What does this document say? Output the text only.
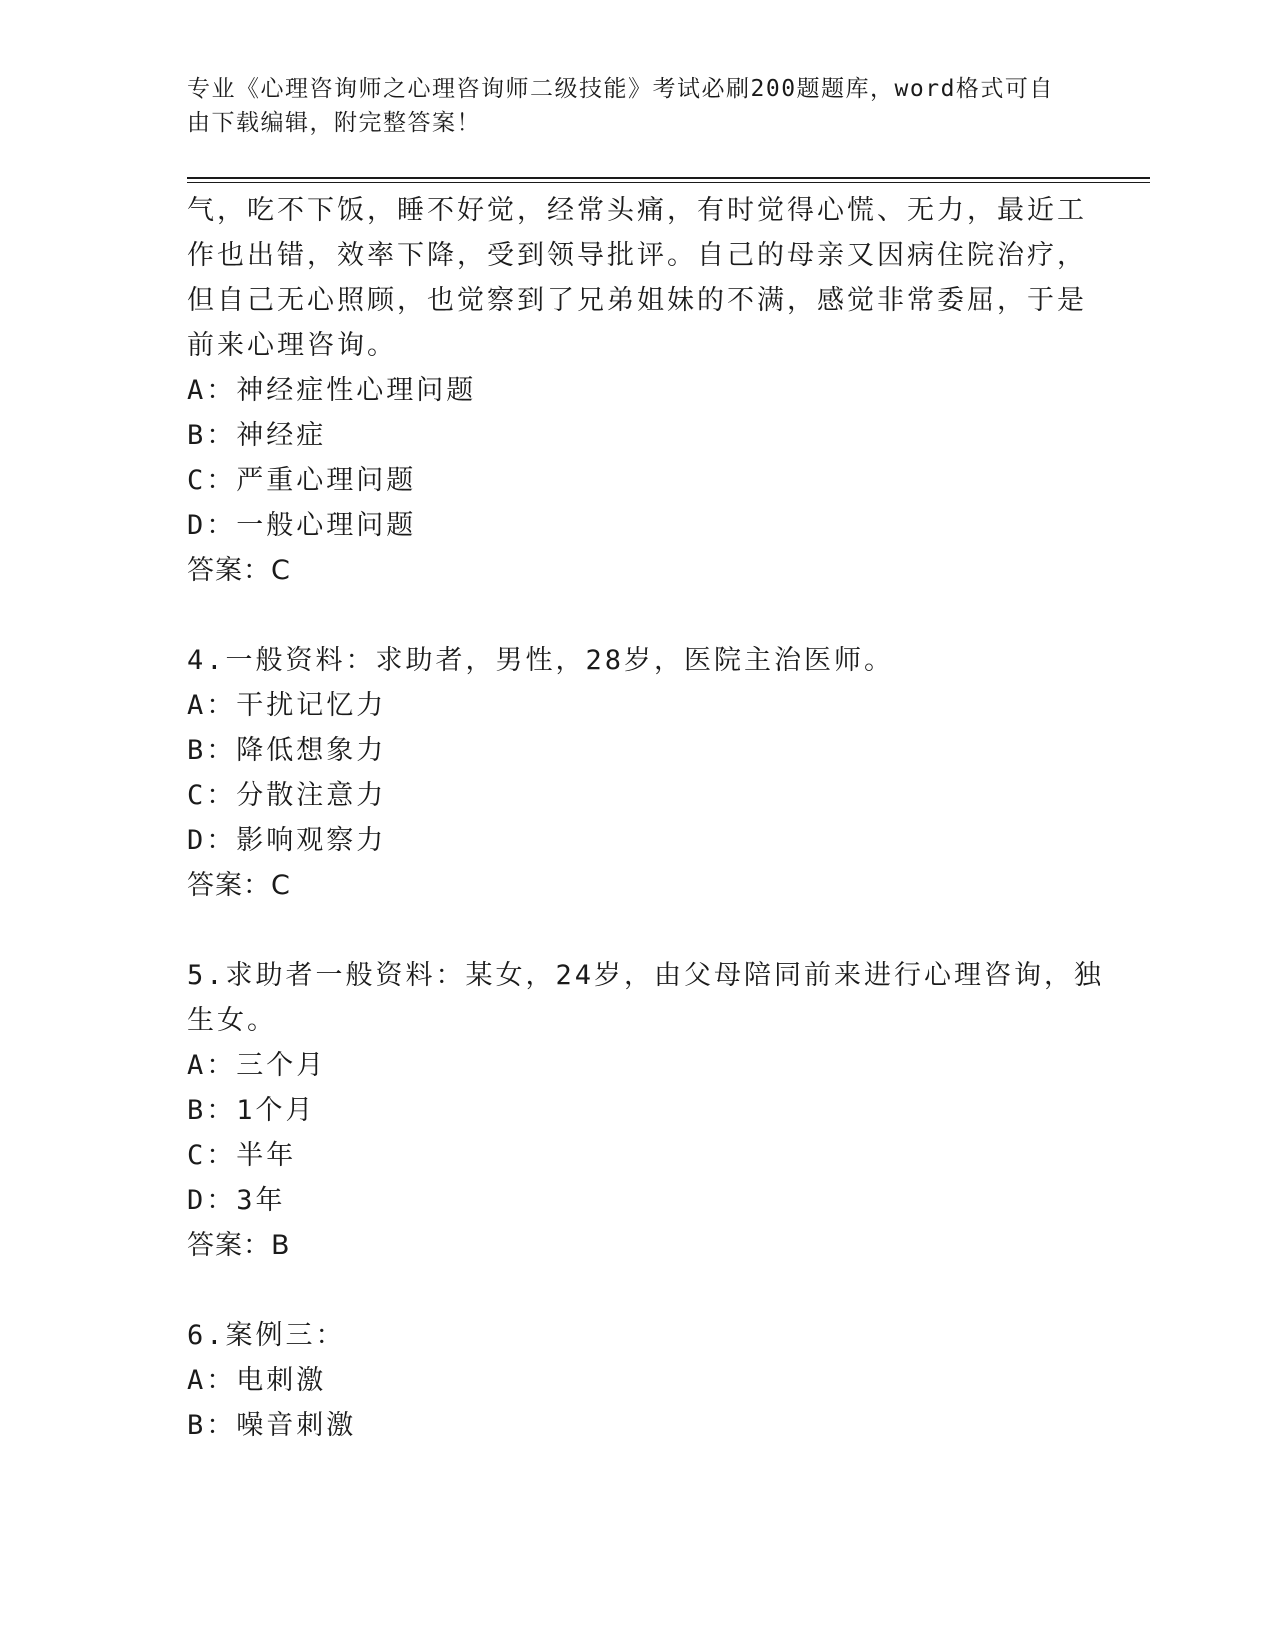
专业《心理咨询师之心理咨询师二级技能》考试必刷200题题库，word格式可自
由下载编辑，附完整答案！
气，吃不下饭，睡不好觉，经常头痛，有时觉得心慌、无力，最近工
作也出错，效率下降，受到领导批评。自己的母亲又因病住院治疗，
但自己无心照顾，也觉察到了兄弟姐妹的不满，感觉非常委屈，于是
前来心理咨询。
A：神经症性心理问题
B：神经症
C：严重心理问题
D：一般心理问题
答案：C
4.一般资料：求助者，男性，28岁，医院主治医师。
A：干扰记忆力
B：降低想象力
C：分散注意力
D：影响观察力
答案：C
5.求助者一般资料：某女，24岁，由父母陪同前来进行心理咨询，独
生女。
A：三个月
B：1个月
C：半年
D：3年
答案：B
6.案例三：
A：电刺激
B：噪音刺激
